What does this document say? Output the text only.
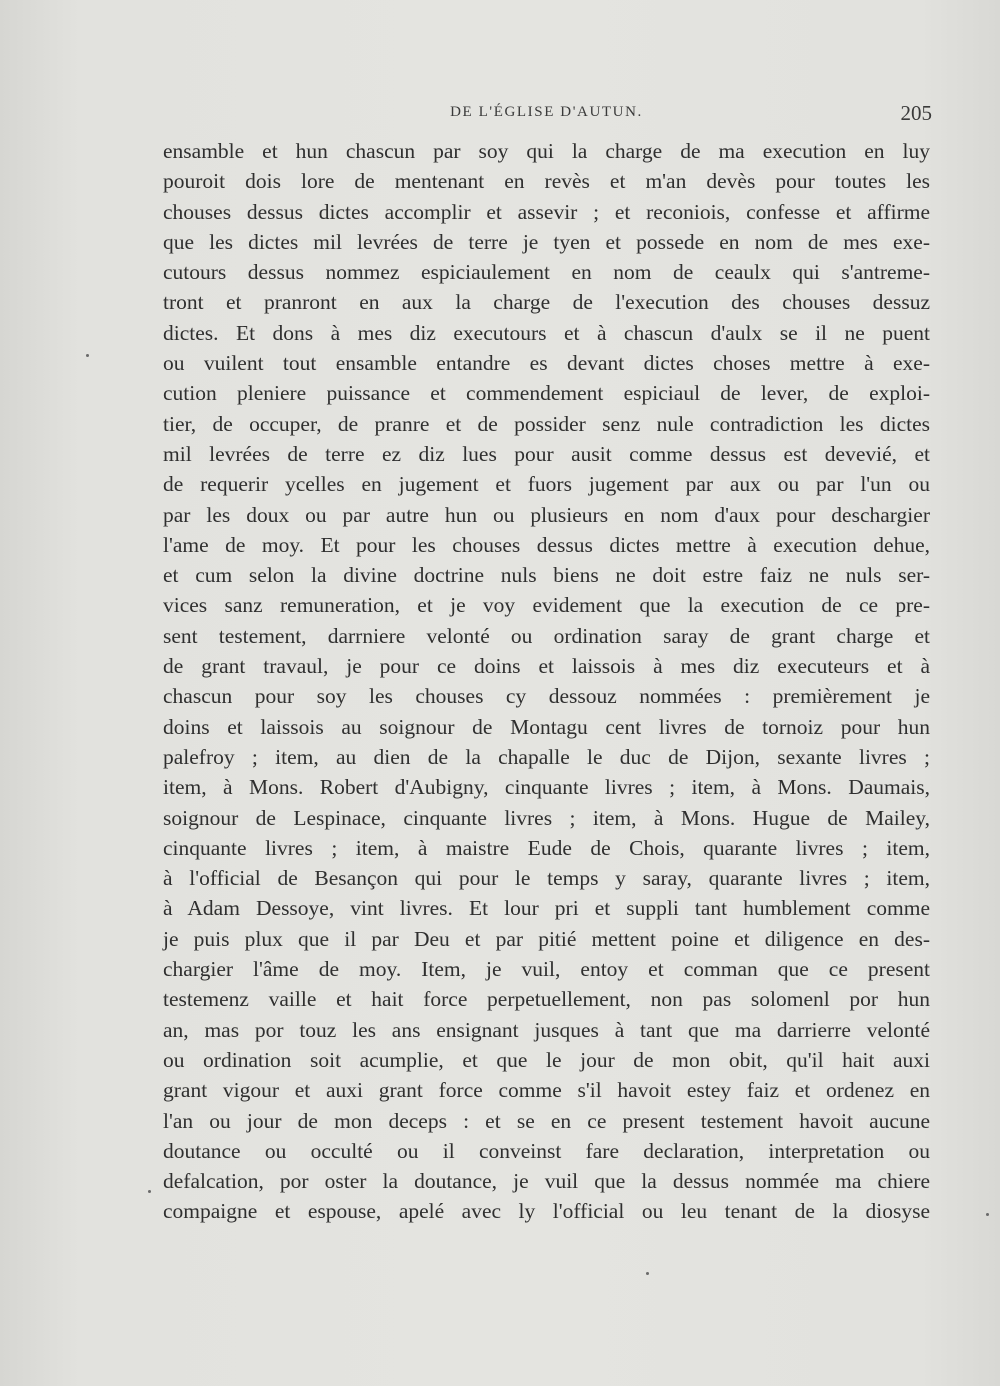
DE L'ÉGLISE D'AUTUN.	205
ensamble et hun chascun par soy qui la charge de ma execution en luy
pouroit dois lore de mentenant en revès et m'an devès pour toutes les
chouses dessus dictes accomplir et assevir ; et reconiois, confesse et affirme
que les dictes mil levrées de terre je tyen et possede en nom de mes exe-
cutours dessus nommez espiciaulement en nom de ceaulx qui s'antreme-
tront et pranront en aux la charge de l'execution des chouses dessuz
dictes. Et dons à mes diz executours et à chascun d'aulx se il ne puent
ou vuilent tout ensamble entandre es devant dictes choses mettre à exe-
cution pleniere puissance et commendement espiciaul de lever, de exploi-
tier, de occuper, de pranre et de possider senz nule contradiction les dictes
mil levrées de terre ez diz lues pour ausit comme dessus est devevié, et
de requerir ycelles en jugement et fuors jugement par aux ou par l'un ou
par les doux ou par autre hun ou plusieurs en nom d'aux pour deschargier
l'ame de moy. Et pour les chouses dessus dictes mettre à execution dehue,
et cum selon la divine doctrine nuls biens ne doit estre faiz ne nuls ser-
vices sanz remuneration, et je voy evidement que la execution de ce pre-
sent testement, darrniere velonté ou ordination saray de grant charge et
de grant travaul, je pour ce doins et laissois à mes diz executeurs et à
chascun pour soy les chouses cy dessouz nommées : premièrement je
doins et laissois au soignour de Montagu cent livres de tornoiz pour hun
palefroy ; item, au dien de la chapalle le duc de Dijon, sexante livres ;
item, à Mons. Robert d'Aubigny, cinquante livres ; item, à Mons. Daumais,
soignour de Lespinace, cinquante livres ; item, à Mons. Hugue de Mailey,
cinquante livres ; item, à maistre Eude de Chois, quarante livres ; item,
à l'official de Besançon qui pour le temps y saray, quarante livres ; item,
à Adam Dessoye, vint livres. Et lour pri et suppli tant humblement comme
je puis plux que il par Deu et par pitié mettent poine et diligence en des-
chargier l'âme de moy. Item, je vuil, entoy et comman que ce present
testemenz vaille et hait force perpetuellement, non pas solomenl por hun
an, mas por touz les ans ensignant jusques à tant que ma darrierre velonté
ou ordination soit acumplie, et que le jour de mon obit, qu'il hait auxi
grant vigour et auxi grant force comme s'il havoit estey faiz et ordenez en
l'an ou jour de mon deceps : et se en ce present testement havoit aucune
doutance ou occulté ou il conveinst fare declaration, interpretation ou
defalcation, por oster la doutance, je vuil que la dessus nommée ma chiere
compaigne et espouse, apelé avec ly l'official ou leu tenant de la diosyse
